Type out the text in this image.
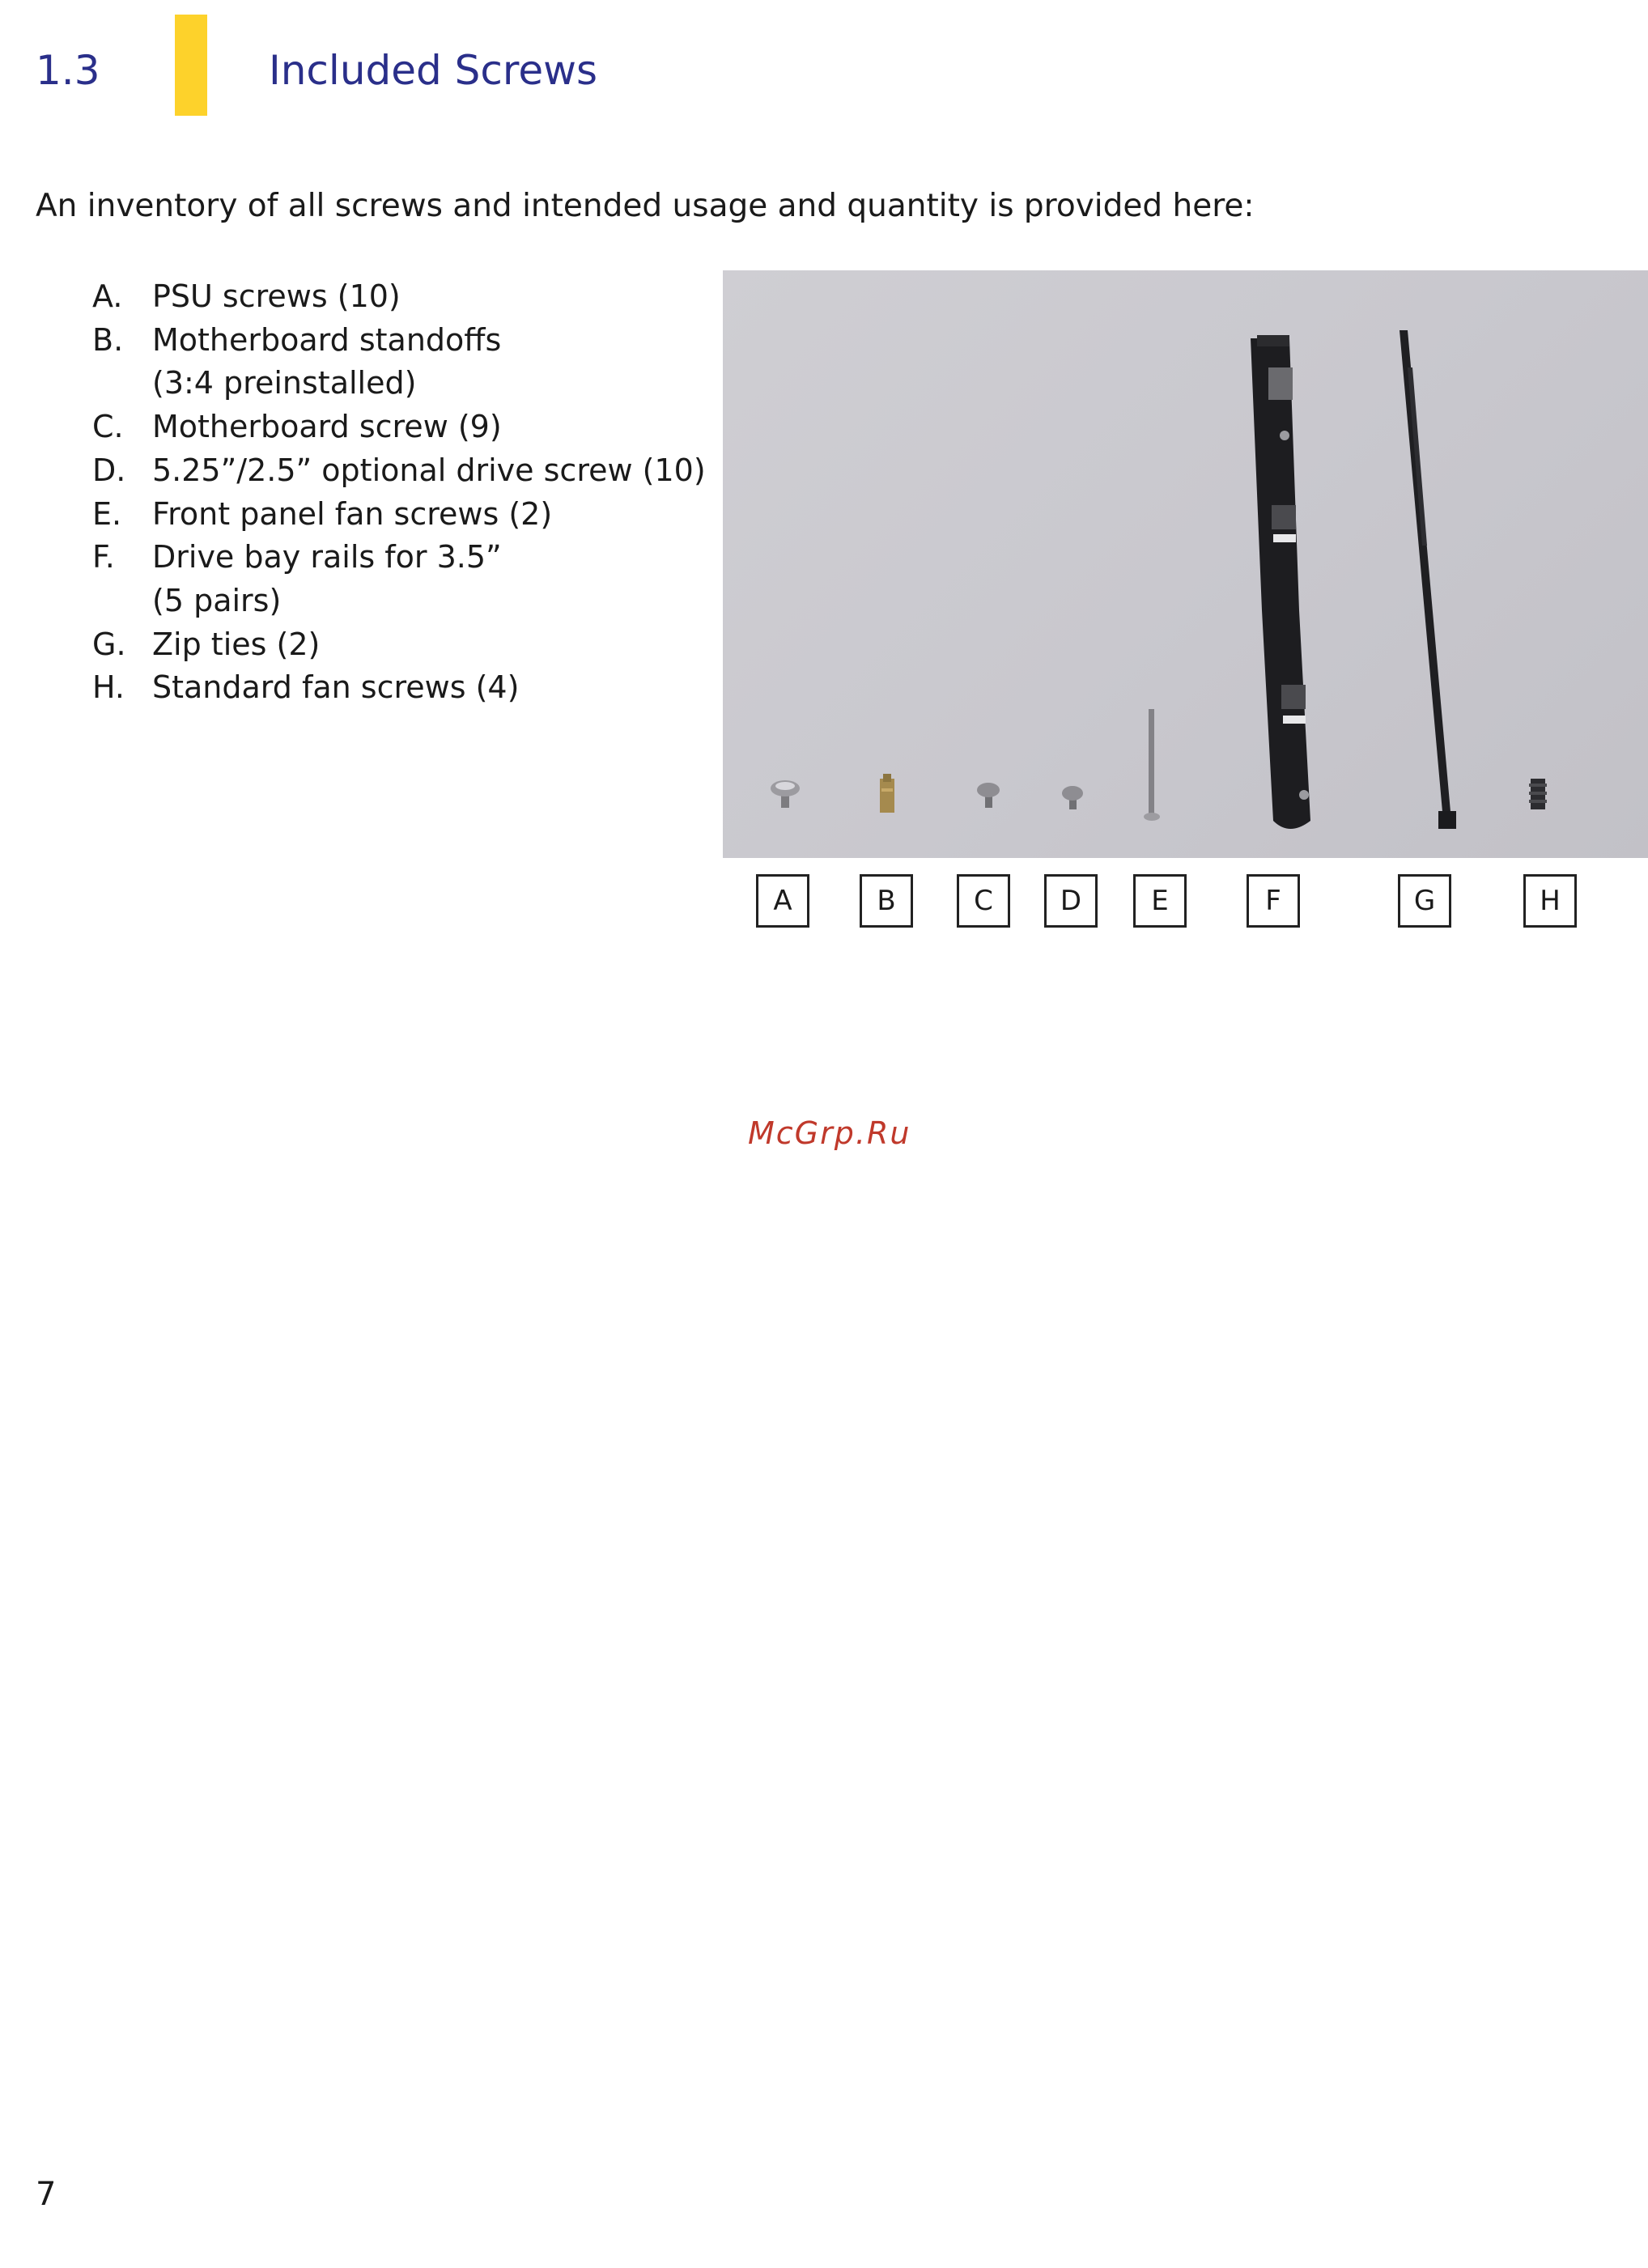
1.3	Included Screws
An inventory of all screws and intended usage and quantity is provided here:
A. PSU screws (10)
B. Motherboard standoffs
(3:4 preinstalled)
C. Motherboard screw (9)
D. 5.25”/2.5” optional drive screw (10)
E. Front panel fan screws (2)
F.	Drive bay rails for 3.5”
(5 pairs)
G. Zip ties (2)
H. Standard fan screws (4)
A	B	C	D	E	F	G	H
McGrp.Ru
7
